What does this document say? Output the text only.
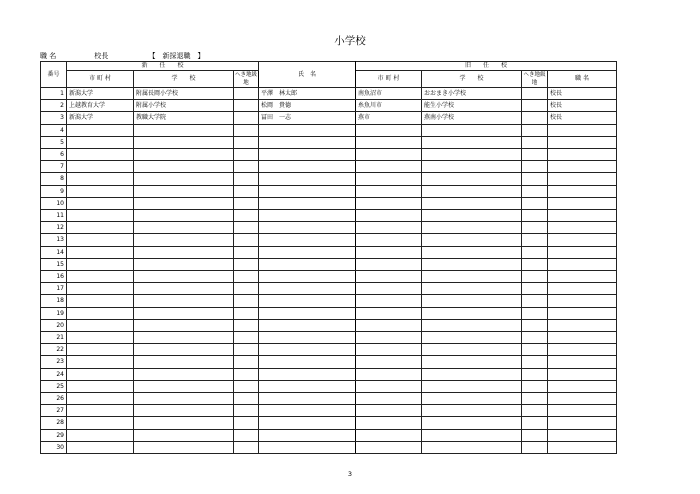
小学校
職 名	校長	【　新採退職　】
番号	新　　任　　校			氏　名	旧　　任　　校			
	市 町 村	学　　校	へき地級 地		市 町 村	学　　校	へき地級 地	職 名
1	新潟大学	附属長岡小学校		平澤　林太郎	南魚沼市	おおまき小学校		校長
2	上越教育大学	附属小学校		松岡　貴德	糸魚川市	能生小学校		校長
3	新潟大学	教職大学院		冨田　一志	燕市	燕南小学校		校長
4								
5								
6								
7								
8								
9								
10								
11								
12								
13								
14								
15								
16								
17								
18								
19								
20								
21								
22								
23								
24								
25								
26								
27								
28								
29								
30								
3
